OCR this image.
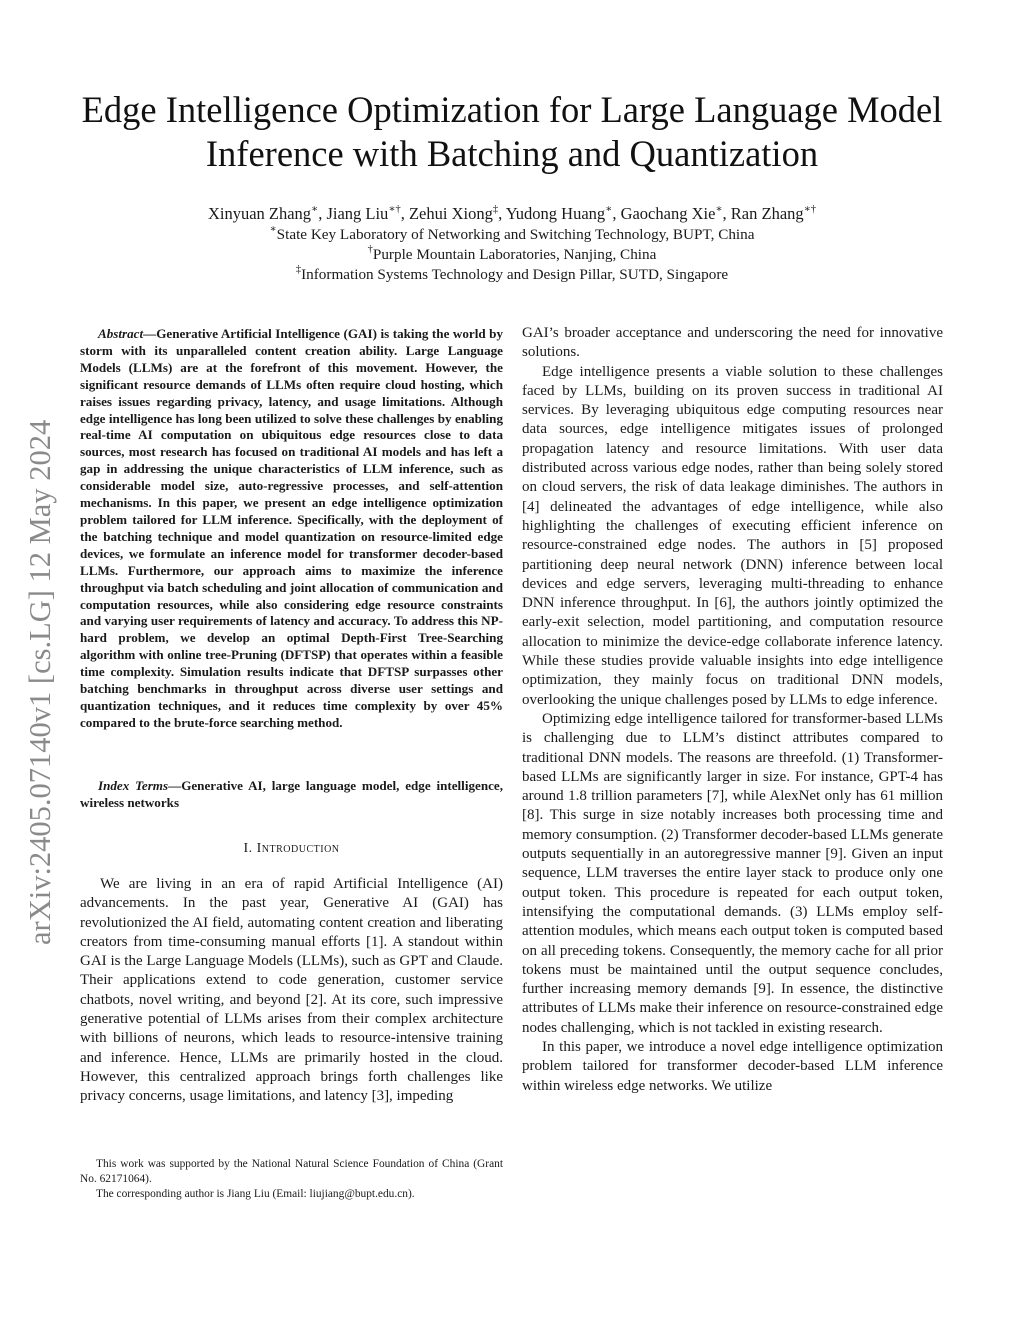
arXiv:2405.07140v1 [cs.LG] 12 May 2024
Edge Intelligence Optimization for Large Language Model Inference with Batching and Quantization
Xinyuan Zhang∗, Jiang Liu∗†, Zehui Xiong‡, Yudong Huang∗, Gaochang Xie∗, Ran Zhang∗†
∗State Key Laboratory of Networking and Switching Technology, BUPT, China
†Purple Mountain Laboratories, Nanjing, China
‡Information Systems Technology and Design Pillar, SUTD, Singapore

Abstract—Generative Artificial Intelligence (GAI) is taking the world by storm with its unparalleled content creation ability. Large Language Models (LLMs) are at the forefront of this movement. However, the significant resource demands of LLMs often require cloud hosting, which raises issues regarding privacy, latency, and usage limitations. Although edge intelligence has long been utilized to solve these challenges by enabling real-time AI computation on ubiquitous edge resources close to data sources, most research has focused on traditional AI models and has left a gap in addressing the unique characteristics of LLM inference, such as considerable model size, auto-regressive processes, and self-attention mechanisms. In this paper, we present an edge intelligence optimization problem tailored for LLM inference. Specifically, with the deployment of the batching technique and model quantization on resource-limited edge devices, we formulate an inference model for transformer decoder-based LLMs. Furthermore, our approach aims to maximize the inference throughput via batch scheduling and joint allocation of communication and computation resources, while also considering edge resource constraints and varying user requirements of latency and accuracy. To address this NP-hard problem, we develop an optimal Depth-First Tree-Searching algorithm with online tree-Pruning (DFTSP) that operates within a feasible time complexity. Simulation results indicate that DFTSP surpasses other batching benchmarks in throughput across diverse user settings and quantization techniques, and it reduces time complexity by over 45% compared to the brute-force searching method.

Index Terms—Generative AI, large language model, edge intelligence, wireless networks

I. Introduction

We are living in an era of rapid Artificial Intelligence (AI) advancements. In the past year, Generative AI (GAI) has revolutionized the AI field, automating content creation and liberating creators from time-consuming manual efforts [1]. A standout within GAI is the Large Language Models (LLMs), such as GPT and Claude. Their applications extend to code generation, customer service chatbots, novel writing, and beyond [2]. At its core, such impressive generative potential of LLMs arises from their complex architecture with billions of neurons, which leads to resource-intensive training and inference. Hence, LLMs are primarily hosted in the cloud. However, this centralized approach brings forth challenges like privacy concerns, usage limitations, and latency [3], impeding

This work was supported by the National Natural Science Foundation of China (Grant No. 62171064).

The corresponding author is Jiang Liu (Email: liujiang@bupt.edu.cn).

GAI’s broader acceptance and underscoring the need for innovative solutions.

Edge intelligence presents a viable solution to these challenges faced by LLMs, building on its proven success in traditional AI services. By leveraging ubiquitous edge computing resources near data sources, edge intelligence mitigates issues of prolonged propagation latency and resource limitations. With user data distributed across various edge nodes, rather than being solely stored on cloud servers, the risk of data leakage diminishes. The authors in [4] delineated the advantages of edge intelligence, while also highlighting the challenges of executing efficient inference on resource-constrained edge nodes. The authors in [5] proposed partitioning deep neural network (DNN) inference between local devices and edge servers, leveraging multi-threading to enhance DNN inference throughput. In [6], the authors jointly optimized the early-exit selection, model partitioning, and computation resource allocation to minimize the device-edge collaborate inference latency. While these studies provide valuable insights into edge intelligence optimization, they mainly focus on traditional DNN models, overlooking the unique challenges posed by LLMs to edge inference.

Optimizing edge intelligence tailored for transformer-based LLMs is challenging due to LLM’s distinct attributes compared to traditional DNN models. The reasons are threefold. (1) Transformer-based LLMs are significantly larger in size. For instance, GPT-4 has around 1.8 trillion parameters [7], while AlexNet only has 61 million [8]. This surge in size notably increases both processing time and memory consumption. (2) Transformer decoder-based LLMs generate outputs sequentially in an autoregressive manner [9]. Given an input sequence, LLM traverses the entire layer stack to produce only one output token. This procedure is repeated for each output token, intensifying the computational demands. (3) LLMs employ self-attention modules, which means each output token is computed based on all preceding tokens. Consequently, the memory cache for all prior tokens must be maintained until the output sequence concludes, further increasing memory demands [9]. In essence, the distinctive attributes of LLMs make their inference on resource-constrained edge nodes challenging, which is not tackled in existing research.

In this paper, we introduce a novel edge intelligence optimization problem tailored for transformer decoder-based LLM inference within wireless edge networks. We utilize
